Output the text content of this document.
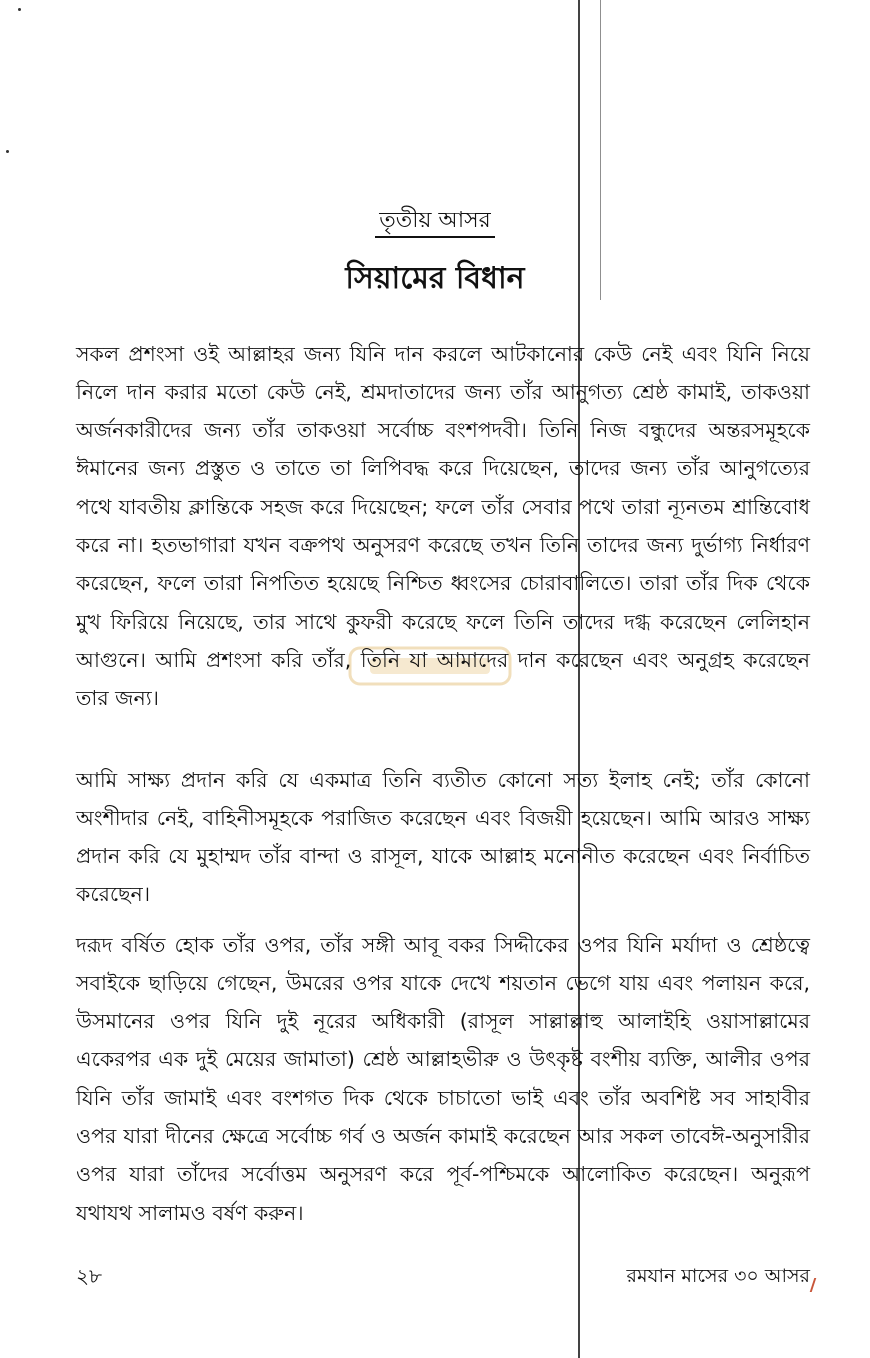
তৃতীয় আসর
সিয়ামের বিধান

সকল প্রশংসা ওই আল্লাহর জন্য যিনি দান করলে আটকানোর কেউ নেই এবং যিনি নিয়ে নিলে দান করার মতো কেউ নেই, শ্রমদাতাদের জন্য তাঁর আনুগত্য শ্রেষ্ঠ কামাই, তাকওয়া অর্জনকারীদের জন্য তাঁর তাকওয়া সর্বোচ্চ বংশপদবী। তিনি নিজ বন্ধুদের অন্তরসমূহকে ঈমানের জন্য প্রস্তুত ও তাতে তা লিপিবদ্ধ করে দিয়েছেন, তাদের জন্য তাঁর আনুগত্যের পথে যাবতীয় ক্লান্তিকে সহজ করে দিয়েছেন; ফলে তাঁর সেবার পথে তারা ন্যূনতম শ্রান্তিবোধ করে না। হতভাগারা যখন বক্রপথ অনুসরণ করেছে তখন তিনি তাদের জন্য দুর্ভাগ্য নির্ধারণ করেছেন, ফলে তারা নিপতিত হয়েছে নিশ্চিত ধ্বংসের চোরাবালিতে। তারা তাঁর দিক থেকে মুখ ফিরিয়ে নিয়েছে, তার সাথে কুফরী করেছে ফলে তিনি তাদের দগ্ধ করেছেন লেলিহান আগুনে। আমি প্রশংসা করি তাঁর, তিনি যা আমাদের দান করেছেন এবং অনুগ্রহ করেছেন তার জন্য।

আমি সাক্ষ্য প্রদান করি যে একমাত্র তিনি ব্যতীত কোনো সত্য ইলাহ নেই; তাঁর কোনো অংশীদার নেই, বাহিনীসমূহকে পরাজিত করেছেন এবং বিজয়ী হয়েছেন। আমি আরও সাক্ষ্য প্রদান করি যে মুহাম্মদ তাঁর বান্দা ও রাসূল, যাকে আল্লাহ মনোনীত করেছেন এবং নির্বাচিত করেছেন।

দরূদ বর্ষিত হোক তাঁর ওপর, তাঁর সঙ্গী আবূ বকর সিদ্দীকের ওপর যিনি মর্যাদা ও শ্রেষ্ঠত্বে সবাইকে ছাড়িয়ে গেছেন, উমরের ওপর যাকে দেখে শয়তান ভেগে যায় এবং পলায়ন করে, উসমানের ওপর যিনি দুই নূরের অধিকারী (রাসূল সাল্লাল্লাহু আলাইহি ওয়াসাল্লামের একেরপর এক দুই মেয়ের জামাতা) শ্রেষ্ঠ আল্লাহভীরু ও উৎকৃষ্ট বংশীয় ব্যক্তি, আলীর ওপর যিনি তাঁর জামাই এবং বংশগত দিক থেকে চাচাতো ভাই এবং তাঁর অবশিষ্ট সব সাহাবীর ওপর যারা দীনের ক্ষেত্রে সর্বোচ্চ গর্ব ও অর্জন কামাই করেছেন আর সকল তাবেঈ-অনুসারীর ওপর যারা তাঁদের সর্বোত্তম অনুসরণ করে পূর্ব-পশ্চিমকে আলোকিত করেছেন। অনুরূপ যথাযথ সালামও বর্ষণ করুন।

২৮	রমযান মাসের ৩০ আসর
